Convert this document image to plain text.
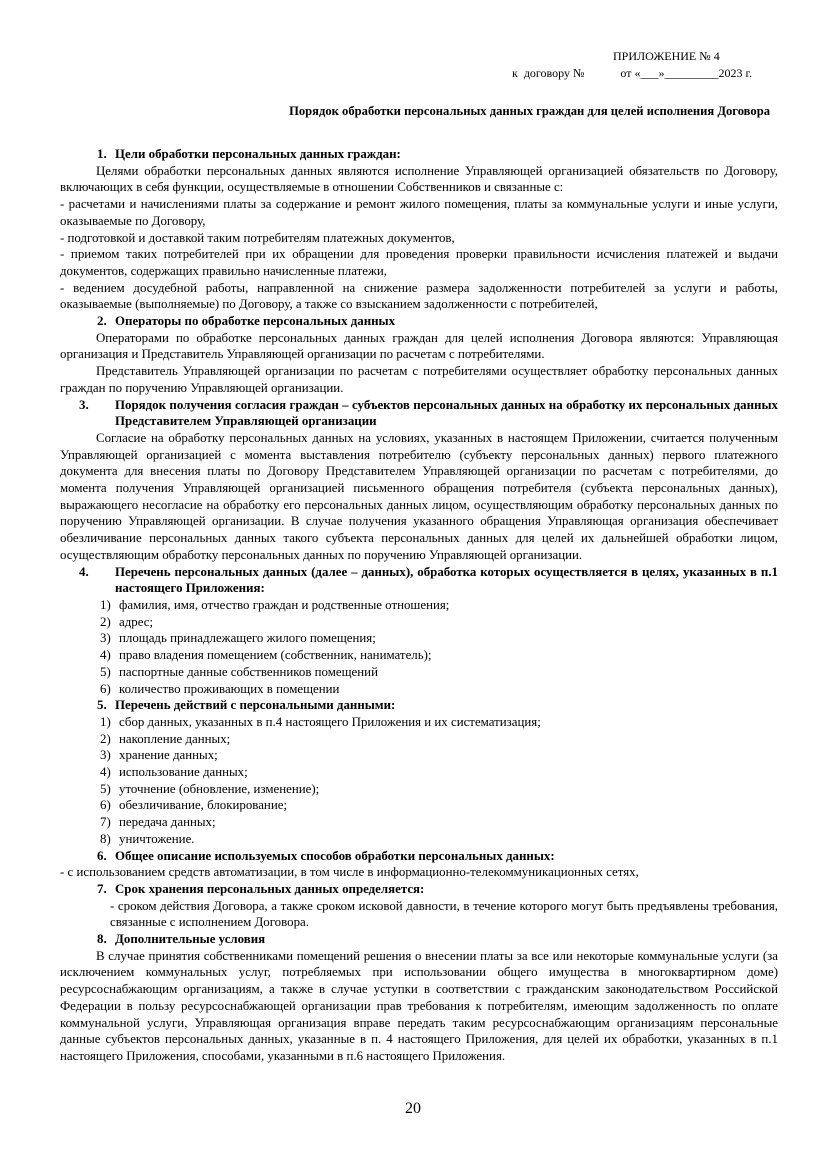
ПРИЛОЖЕНИЕ № 4
к  договору №            от «___»_________2023 г.
Порядок обработки персональных данных граждан для целей исполнения Договора

1. Цели обработки персональных данных граждан:

Целями обработки персональных данных являются исполнение Управляющей организацией обязательств по Договору, включающих в себя функции, осуществляемые в отношении Собственников и связанные с:

- расчетами и начислениями платы за содержание и ремонт жилого помещения, платы за коммунальные услуги и иные услуги, оказываемые по Договору,

- подготовкой и доставкой таким потребителям платежных документов,

- приемом таких потребителей при их обращении для проведения проверки правильности исчисления платежей и выдачи документов, содержащих правильно начисленные платежи,

- ведением досудебной работы, направленной на снижение размера задолженности потребителей за услуги и работы, оказываемые (выполняемые) по Договору, а также со взысканием задолженности с потребителей,

2. Операторы по обработке персональных данных

Операторами по обработке персональных данных граждан для целей исполнения Договора являются: Управляющая организация и Представитель Управляющей организации по расчетам с потребителями.

Представитель Управляющей организации по расчетам с потребителями осуществляет обработку персональных данных граждан по поручению Управляющей организации.

3. Порядок получения согласия граждан – субъектов персональных данных на обработку их персональных данных Представителем Управляющей организации

Согласие на обработку персональных данных на условиях, указанных в настоящем Приложении, считается полученным Управляющей организацией с момента выставления потребителю (субъекту персональных данных) первого платежного документа для внесения платы по Договору Представителем Управляющей организации по расчетам с потребителями, до момента получения Управляющей организацией письменного обращения потребителя (субъекта персональных данных), выражающего несогласие на обработку его персональных данных лицом, осуществляющим обработку персональных данных по поручению Управляющей организации. В случае получения указанного обращения Управляющая организация обеспечивает обезличивание персональных данных такого субъекта персональных данных для целей их дальнейшей обработки лицом, осуществляющим обработку персональных данных по поручению Управляющей организации.

4. Перечень персональных данных (далее – данных), обработка которых осуществляется в целях, указанных в п.1 настоящего Приложения:

1) фамилия, имя, отчество граждан и родственные отношения;

2) адрес;

3) площадь принадлежащего жилого помещения;

4) право владения помещением (собственник, наниматель);

5) паспортные данные собственников помещений

6) количество проживающих в помещении

5. Перечень действий с персональными данными:

1) сбор данных, указанных в п.4 настоящего Приложения и их систематизация;

2) накопление данных;

3) хранение данных;

4) использование данных;

5) уточнение (обновление, изменение);

6) обезличивание, блокирование;

7) передача данных;

8) уничтожение.

6. Общее описание используемых способов обработки персональных данных:

- с использованием средств автоматизации, в том числе в информационно-телекоммуникационных сетях,

7. Срок хранения персональных данных определяется:

- сроком действия Договора, а также сроком исковой давности, в течение которого могут быть предъявлены требования, связанные с исполнением Договора.

8. Дополнительные условия

В случае принятия собственниками помещений решения о внесении платы за все или некоторые коммунальные услуги (за исключением коммунальных услуг, потребляемых при использовании общего имущества в многоквартирном доме) ресурсоснабжающим организациям, а также в случае уступки в соответствии с гражданским законодательством Российской Федерации в пользу ресурсоснабжающей организации прав требования к потребителям, имеющим задолженность по оплате коммунальной услуги, Управляющая организация вправе передать таким ресурсоснабжающим организациям персональные данные субъектов персональных данных, указанные в п. 4 настоящего Приложения, для целей их обработки, указанных в п.1 настоящего Приложения, способами, указанными в п.6 настоящего Приложения.

20
